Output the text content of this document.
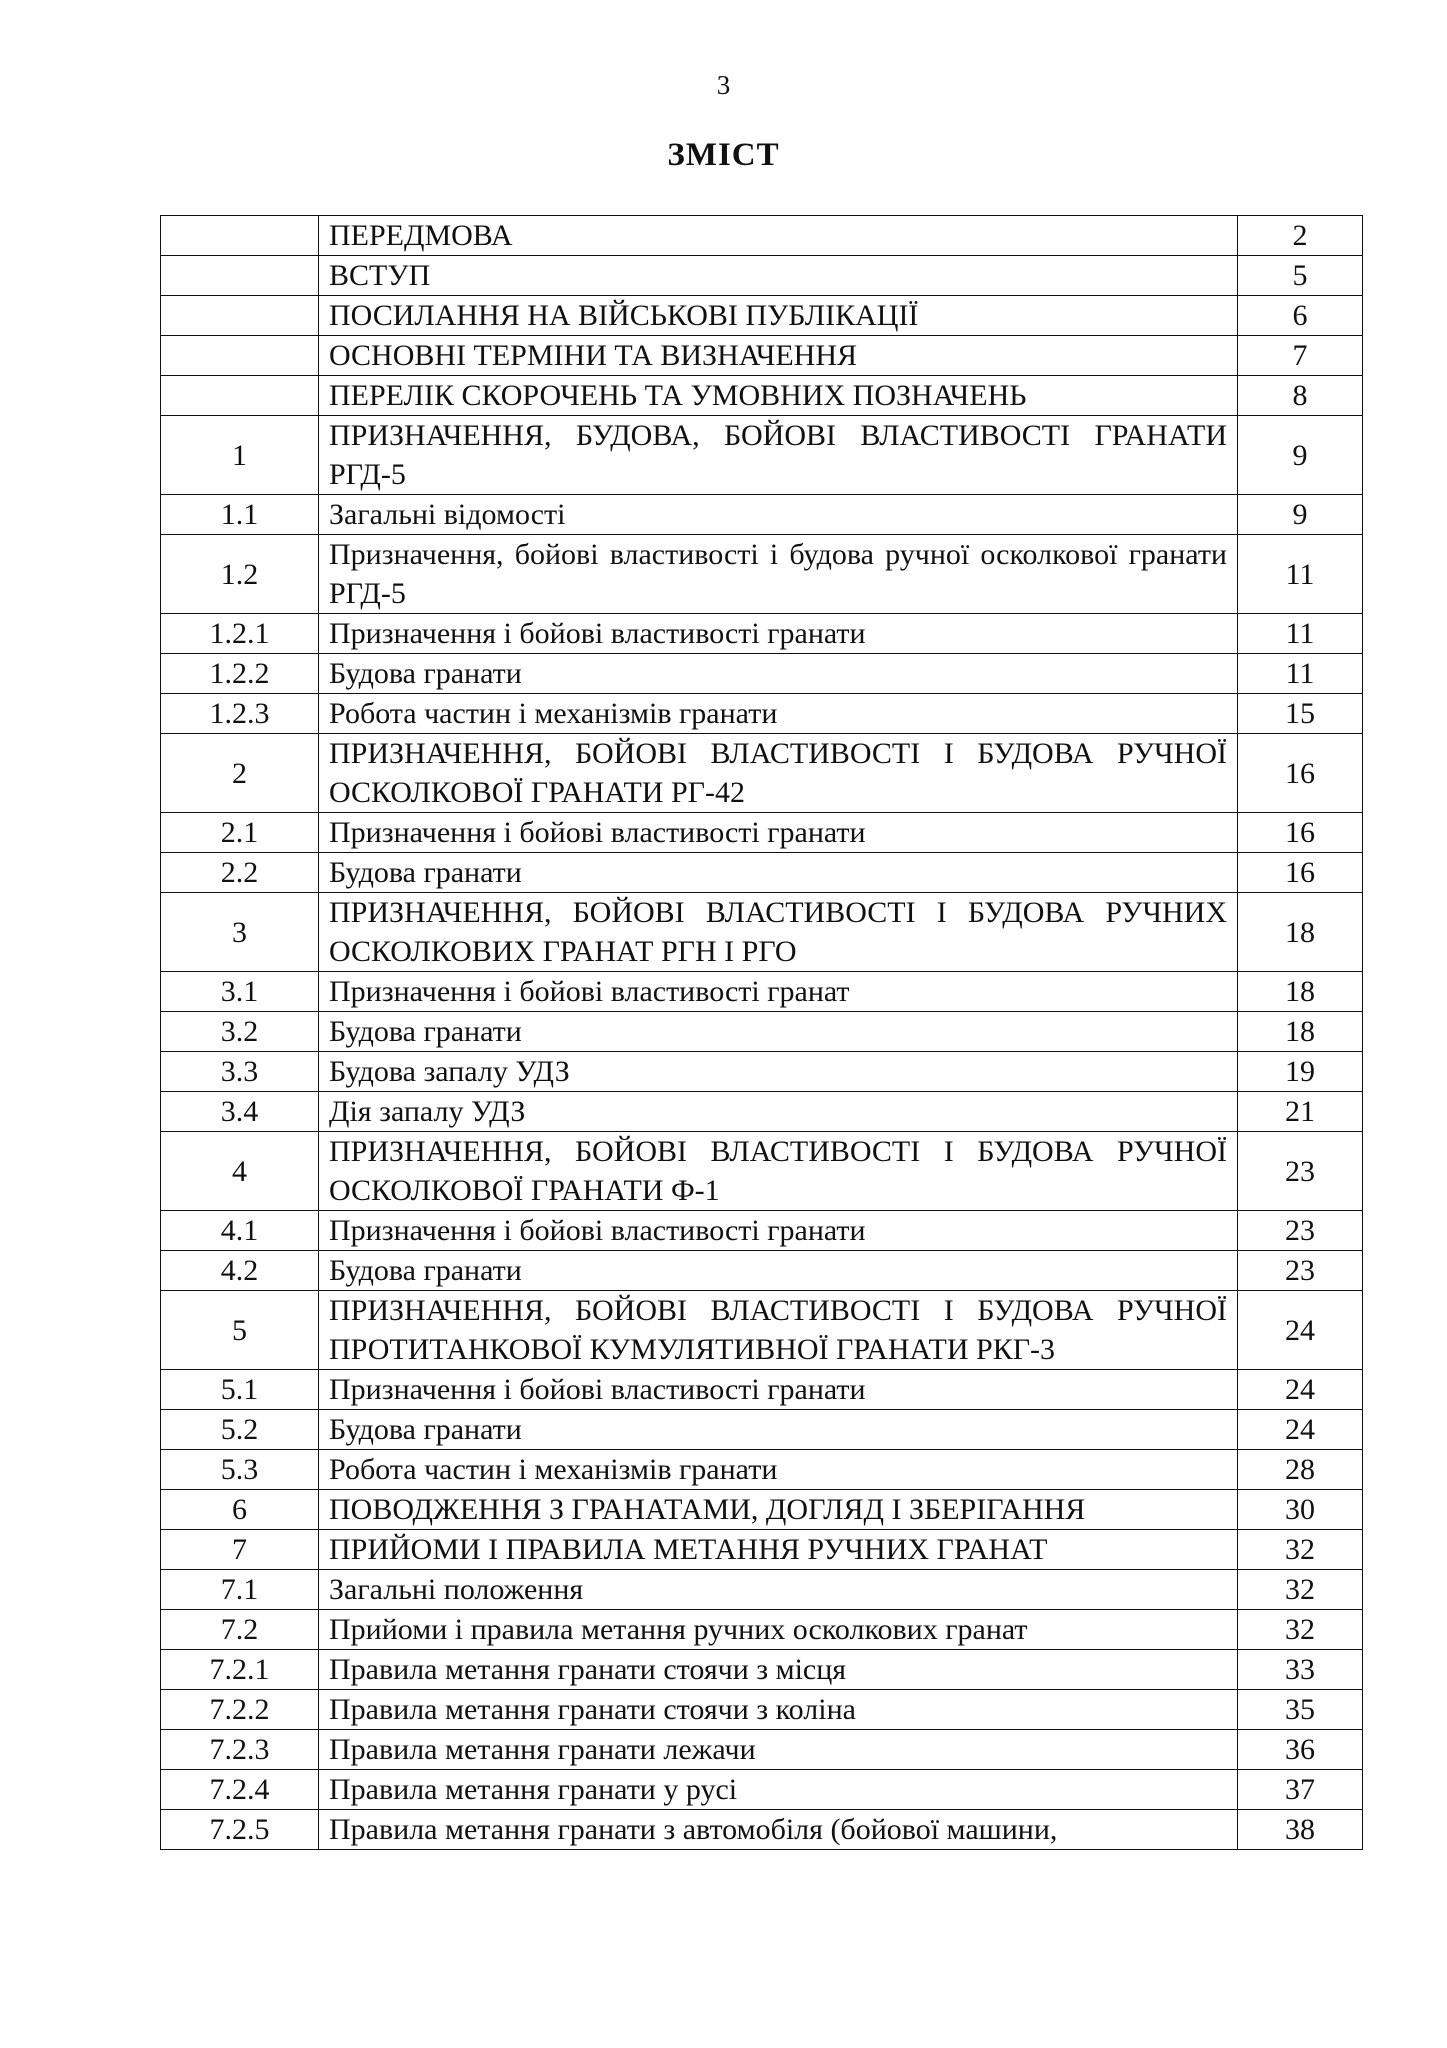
3
ЗМІСТ
	ПЕРЕДМОВА	2
	ВСТУП	5
	ПОСИЛАННЯ НА ВІЙСЬКОВІ ПУБЛІКАЦІЇ	6
	ОСНОВНІ ТЕРМІНИ ТА ВИЗНАЧЕННЯ	7
	ПЕРЕЛІК СКОРОЧЕНЬ ТА УМОВНИХ ПОЗНАЧЕНЬ	8
1	ПРИЗНАЧЕННЯ, БУДОВА, БОЙОВІ ВЛАСТИВОСТІ ГРАНАТИ РГД-5	9
1.1	Загальні відомості	9
1.2	Призначення, бойові властивості і будова ручної осколкової гранати РГД-5	11
1.2.1	Призначення і бойові властивості гранати	11
1.2.2	Будова гранати	11
1.2.3	Робота частин і механізмів гранати	15
2	ПРИЗНАЧЕННЯ, БОЙОВІ ВЛАСТИВОСТІ І БУДОВА РУЧНОЇ ОСКОЛКОВОЇ ГРАНАТИ РГ-42	16
2.1	Призначення і бойові властивості гранати	16
2.2	Будова гранати	16
3	ПРИЗНАЧЕННЯ, БОЙОВІ ВЛАСТИВОСТІ І БУДОВА РУЧНИХ ОСКОЛКОВИХ ГРАНАТ РГН І РГО	18
3.1	Призначення і бойові властивості гранат	18
3.2	Будова гранати	18
3.3	Будова запалу УДЗ	19
3.4	Дія запалу УДЗ	21
4	ПРИЗНАЧЕННЯ, БОЙОВІ ВЛАСТИВОСТІ І БУДОВА РУЧНОЇ ОСКОЛКОВОЇ ГРАНАТИ Ф-1	23
4.1	Призначення і бойові властивості гранати	23
4.2	Будова гранати	23
5	ПРИЗНАЧЕННЯ, БОЙОВІ ВЛАСТИВОСТІ І БУДОВА РУЧНОЇ ПРОТИТАНКОВОЇ КУМУЛЯТИВНОЇ ГРАНАТИ РКГ-3	24
5.1	Призначення і бойові властивості гранати	24
5.2	Будова гранати	24
5.3	Робота частин і механізмів гранати	28
6	ПОВОДЖЕННЯ З ГРАНАТАМИ, ДОГЛЯД І ЗБЕРІГАННЯ	30
7	ПРИЙОМИ І ПРАВИЛА МЕТАННЯ РУЧНИХ ГРАНАТ	32
7.1	Загальні положення	32
7.2	Прийоми і правила метання ручних осколкових гранат	32
7.2.1	Правила метання гранати стоячи з місця	33
7.2.2	Правила метання гранати стоячи з коліна	35
7.2.3	Правила метання гранати лежачи	36
7.2.4	Правила метання гранати у русі	37
7.2.5	Правила метання гранати з автомобіля (бойової машини,	38
